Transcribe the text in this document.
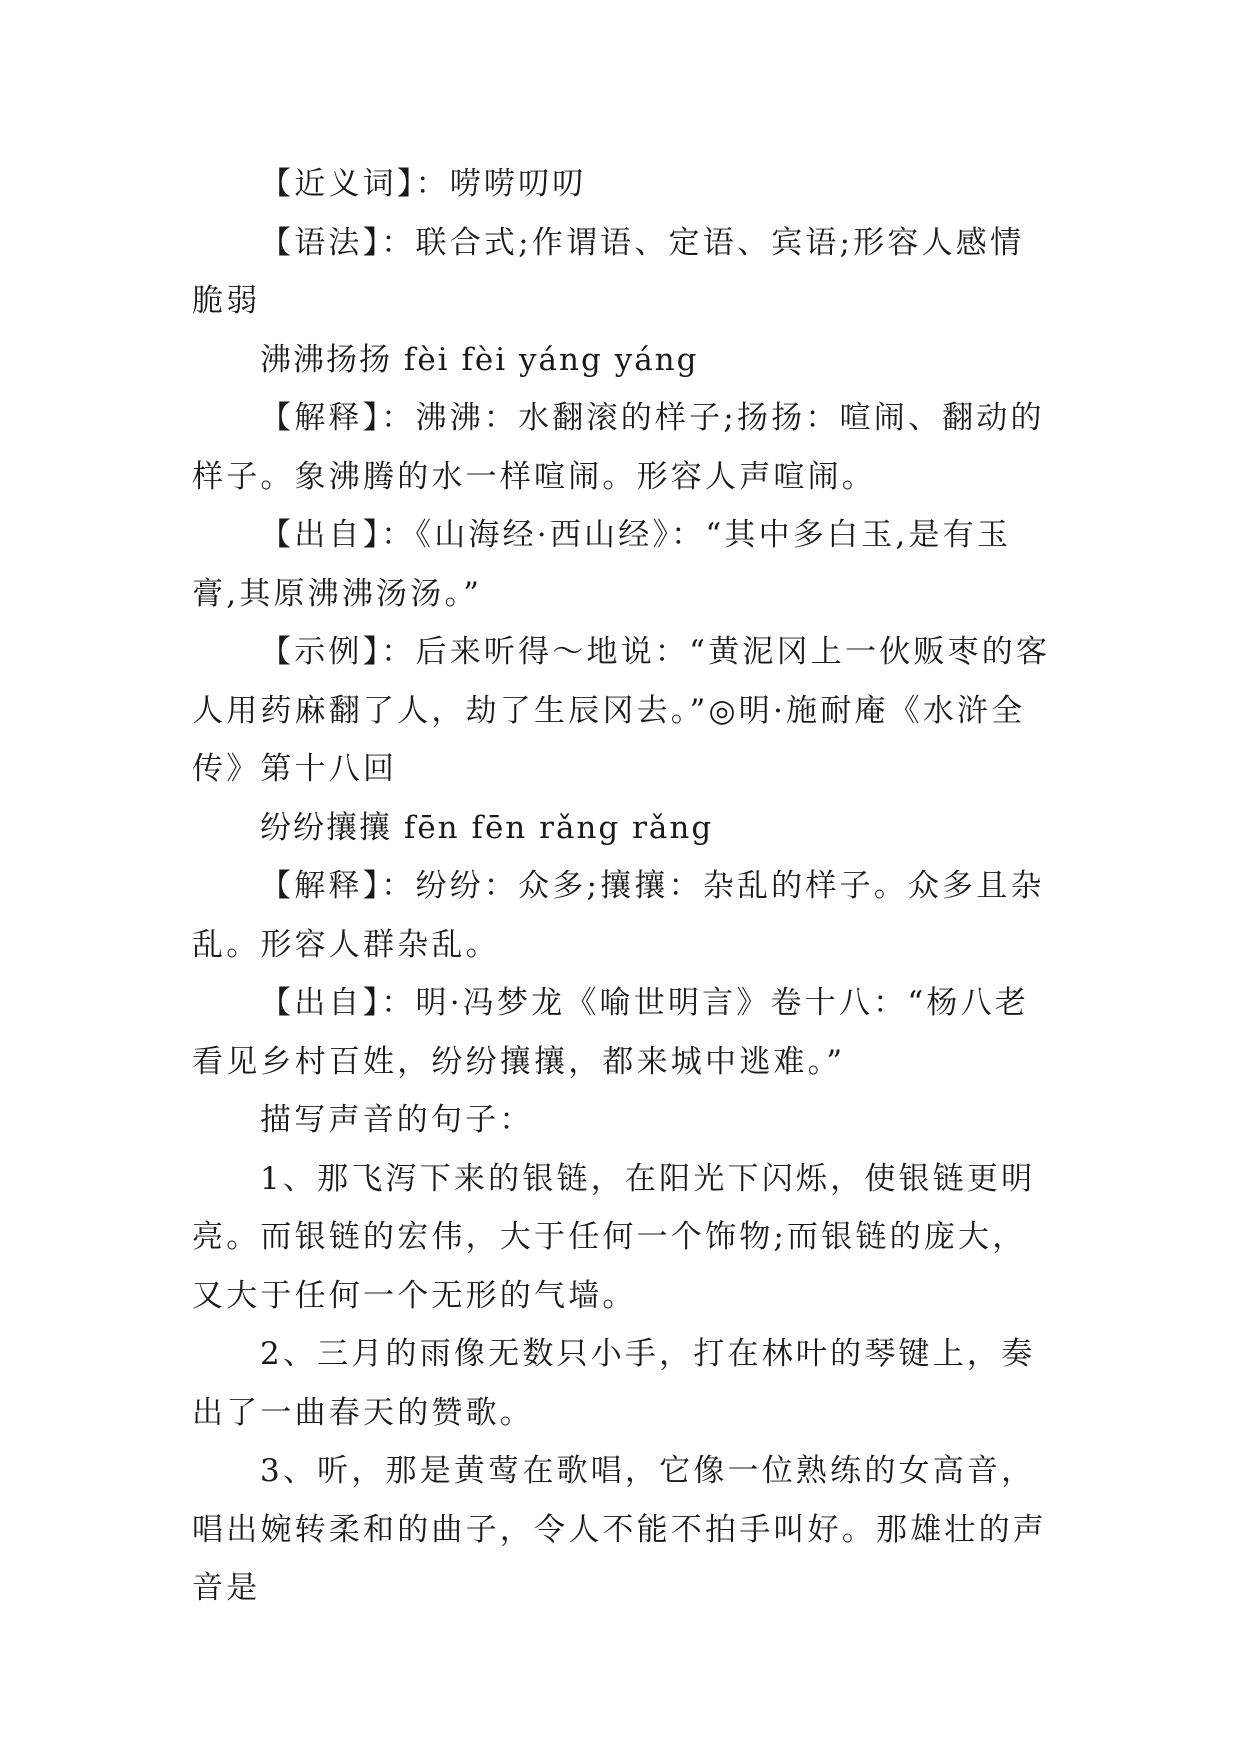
【近义词】：唠唠叨叨

【语法】：联合式;作谓语、定语、宾语;形容人感情脆弱

沸沸扬扬 fèi fèi yáng yáng

【解释】：沸沸：水翻滚的样子;扬扬：喧闹、翻动的样子。象沸腾的水一样喧闹。形容人声喧闹。

【出自】：《山海经·西山经》：“其中多白玉,是有玉膏,其原沸沸汤汤。”

【示例】：后来听得～地说：“黄泥冈上一伙贩枣的客人用药麻翻了人，劫了生辰冈去。”◎明·施耐庵《水浒全传》第十八回

纷纷攘攘 fēn fēn rǎng rǎng

【解释】：纷纷：众多;攘攘：杂乱的样子。众多且杂乱。形容人群杂乱。

【出自】：明·冯梦龙《喻世明言》卷十八：“杨八老看见乡村百姓，纷纷攘攘，都来城中逃难。”

描写声音的句子：

1、那飞泻下来的银链，在阳光下闪烁，使银链更明亮。而银链的宏伟，大于任何一个饰物;而银链的庞大，又大于任何一个无形的气墙。

2、三月的雨像无数只小手，打在林叶的琴键上，奏出了一曲春天的赞歌。

3、听，那是黄莺在歌唱，它像一位熟练的女高音，唱出婉转柔和的曲子，令人不能不拍手叫好。那雄壮的声音是
